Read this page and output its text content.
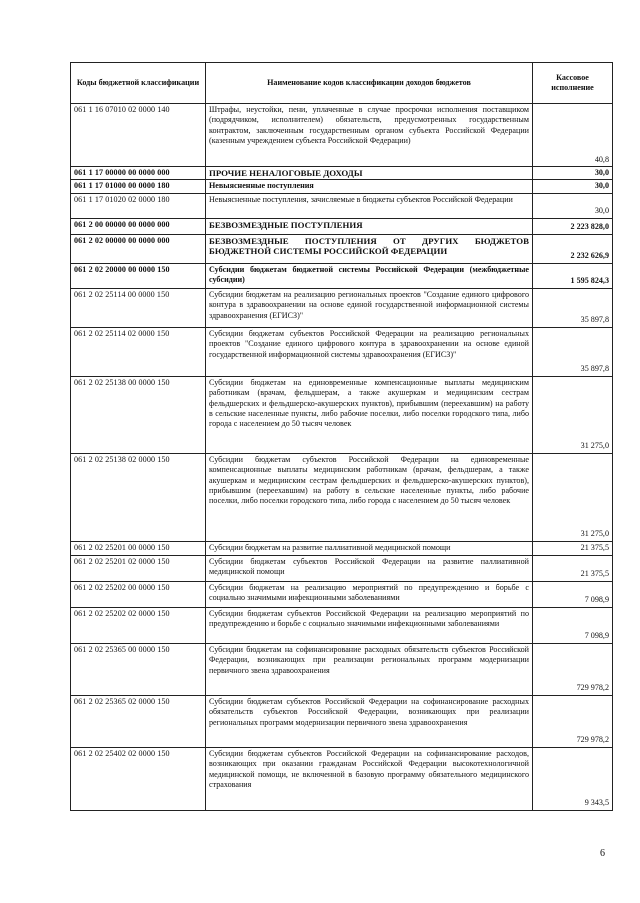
Коды бюджетной классификации	Наименование кодов классификации доходов бюджетов	Кассовое исполнение
061 1 16 07010 02 0000 140	Штрафы, неустойки, пени, уплаченные в случае просрочки исполнения поставщиком (подрядчиком, исполнителем) обязательств, предусмотренных государственным контрактом, заключенным государственным органом субъекта Российской Федерации (казенным учреждением субъекта Российской Федерации)	40,8
061 1 17 00000 00 0000 000	ПРОЧИЕ НЕНАЛОГОВЫЕ ДОХОДЫ	30,0
061 1 17 01000 00 0000 180	Невыясненные поступления	30,0
061 1 17 01020 02 0000 180	Невыясненные поступления, зачисляемые в бюджеты субъектов Российской Федерации	30,0
061 2 00 00000 00 0000 000	БЕЗВОЗМЕЗДНЫЕ ПОСТУПЛЕНИЯ	2 223 828,0
061 2 02 00000 00 0000 000	БЕЗВОЗМЕЗДНЫЕ ПОСТУПЛЕНИЯ ОТ ДРУГИХ БЮДЖЕТОВ БЮДЖЕТНОЙ СИСТЕМЫ РОССИЙСКОЙ ФЕДЕРАЦИИ	2 232 626,9
061 2 02 20000 00 0000 150	Субсидии бюджетам бюджетной системы Российской Федерации (межбюджетные субсидии)	1 595 824,3
061 2 02 25114 00 0000 150	Субсидии бюджетам на реализацию региональных проектов "Создание единого цифрового контура в здравоохранении на основе единой государственной информационной системы здравоохранения (ЕГИСЗ)"	35 897,8
061 2 02 25114 02 0000 150	Субсидии бюджетам субъектов Российской Федерации на реализацию региональных проектов "Создание единого цифрового контура в здравоохранении на основе единой государственной информационной системы здравоохранения (ЕГИСЗ)"	35 897,8
061 2 02 25138 00 0000 150	Субсидии бюджетам на единовременные компенсационные выплаты медицинским работникам (врачам, фельдшерам, а также акушеркам и медицинским сестрам фельдшерских и фельдшерско-акушерских пунктов), прибывшим (переехавшим) на работу в сельские населенные пункты, либо рабочие поселки, либо поселки городского типа, либо города с населением до 50 тысяч человек	31 275,0
061 2 02 25138 02 0000 150	Субсидии бюджетам субъектов Российской Федерации на единовременные компенсационные выплаты медицинским работникам (врачам, фельдшерам, а также акушеркам и медицинским сестрам фельдшерских и фельдшерско-акушерских пунктов), прибывшим (переехавшим) на работу в сельские населенные пункты, либо рабочие поселки, либо поселки городского типа, либо города с населением до 50 тысяч человек	31 275,0
061 2 02 25201 00 0000 150	Субсидии бюджетам на развитие паллиативной медицинской помощи	21 375,5
061 2 02 25201 02 0000 150	Субсидии бюджетам субъектов Российской Федерации на развитие паллиативной медицинской помощи	21 375,5
061 2 02 25202 00 0000 150	Субсидии бюджетам на реализацию мероприятий по предупреждению и борьбе с социально значимыми инфекционными заболеваниями	7 098,9
061 2 02 25202 02 0000 150	Субсидии бюджетам субъектов Российской Федерации на реализацию мероприятий по предупреждению и борьбе с социально значимыми инфекционными заболеваниями	7 098,9
061 2 02 25365 00 0000 150	Субсидии бюджетам на софинансирование расходных обязательств субъектов Российской Федерации, возникающих при реализации региональных программ модернизации первичного звена здравоохранения	729 978,2
061 2 02 25365 02 0000 150	Субсидии бюджетам субъектов Российской Федерации на софинансирование расходных обязательств субъектов Российской Федерации, возникающих при реализации региональных программ модернизации первичного звена здравоохранения	729 978,2
061 2 02 25402 02 0000 150	Субсидии бюджетам субъектов Российской Федерации на софинансирование расходов, возникающих при оказании гражданам Российской Федерации высокотехнологичной медицинской помощи, не включенной в базовую программу обязательного медицинского страхования	9 343,5
6
